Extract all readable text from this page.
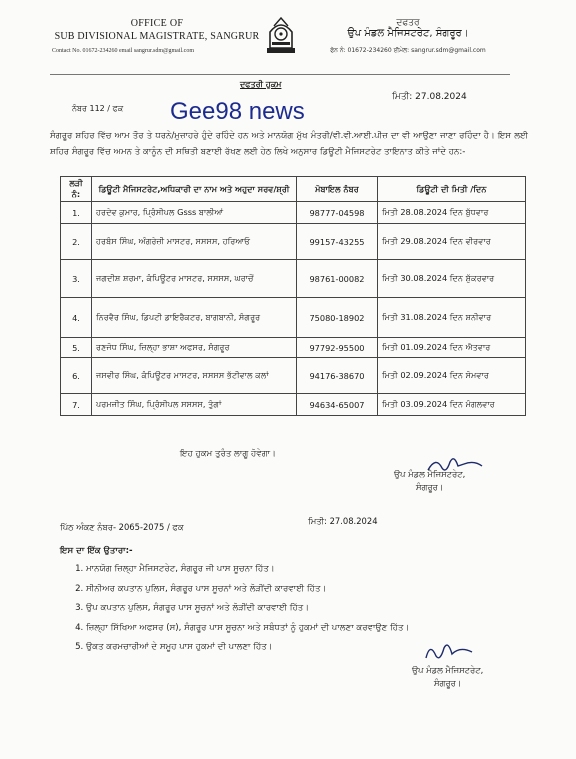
OFFICE OF
SUB DIVISIONAL MAGISTRATE, SANGRUR
Contact No. 01672-234260 email sangrur.sdm@gmail.com
ਦਫਤਰ
ਉਪ ਮੰਡਲ ਮੈਜਿਸਟਰੇਟ, ਸੰਗਰੂਰ।
ਫੋਨ ਨੰ: 01672-234260 ਈਮੇਲ: sangrur.sdm@gmail.com
ਦਫਤਰੀ ਹੁਕਮ
ਮਿਤੀ: 27.08.2024
ਨੰਬਰ 112 / ਫਕ Gee98 news
ਸੰਗਰੂਰ ਸ਼ਹਿਰ ਵਿੱਚ ਆਮ ਤੌਰ ਤੇ ਧਰਨੇ/ਮੁਜ਼ਾਹਰੇ ਹੁੰਦੇ ਰਹਿੰਦੇ ਹਨ ਅਤੇ ਮਾਨਯੋਗ ਮੁੱਖ ਮੰਤਰੀ/ਵੀ.ਵੀ.ਆਈ.ਪੀਜ਼ ਦਾ ਵੀ ਆਉਣਾ ਜਾਣਾ ਰਹਿੰਦਾ ਹੈ। ਇਸ ਲਈ ਸ਼ਹਿਰ ਸੰਗਰੂਰ ਵਿੱਚ ਅਮਨ ਤੇ ਕਾਨੂੰਨ ਦੀ ਸਥਿਤੀ ਬਣਾਈ ਰੱਖਣ ਲਈ ਹੇਠ ਲਿਖੇ ਅਨੁਸਾਰ ਡਿਊਟੀ ਮੈਜਿਸਟਰੇਟ ਤਾਇਨਾਤ ਕੀਤੇ ਜਾਂਦੇ ਹਨ:-
ਲੜੀ ਨੰ:	ਡਿਊਟੀ ਮੈਜਿਸਟਰੇਟ,ਅਧਿਕਾਰੀ ਦਾ ਨਾਮ ਅਤੇ ਅਹੁਦਾ ਸਰਵ/ਸ਼੍ਰੀ	ਮੋਬਾਇਲ ਨੰਬਰ	ਡਿਊਟੀ ਦੀ ਮਿਤੀ /ਦਿਨ
1.	ਹਰਦੇਵ ਕੁਮਾਰ, ਪ੍ਰਿੰਸੀਪਲ Gsss ਬਾਲੀਆਂ	98777-04598	ਮਿਤੀ 28.08.2024 ਦਿਨ ਬੁੱਧਵਾਰ
2.	ਹਰਬੰਸ ਸਿੰਘ, ਅੰਗਰੇਜ਼ੀ ਮਾਸਟਰ, ਸਸਸਸ, ਹਰਿਆਓ	99157-43255	ਮਿਤੀ 29.08.2024 ਦਿਨ ਵੀਰਵਾਰ
3.	ਜਗਦੀਸ਼ ਸ਼ਰਮਾ, ਕੰਪਿਊਟਰ ਮਾਸਟਰ, ਸਸਸਸ, ਘਰਾਚੋਂ	98761-00082	ਮਿਤੀ 30.08.2024 ਦਿਨ ਸ਼ੁੱਕਰਵਾਰ
4.	ਨਿਰਵੈਰ ਸਿੰਘ, ਡਿਪਟੀ ਡਾਇਰੈਕਟਰ, ਬਾਗਬਾਨੀ, ਸੰਗਰੂਰ	75080-18902	ਮਿਤੀ 31.08.2024 ਦਿਨ ਸ਼ਨੀਵਾਰ
5.	ਰਣਜੋਧ ਸਿੰਘ, ਜ਼ਿਲ੍ਹਾ ਭਾਸ਼ਾ ਅਫਸਰ, ਸੰਗਰੂਰ	97792-95500	ਮਿਤੀ 01.09.2024 ਦਿਨ ਐਤਵਾਰ
6.	ਜਸਵੀਰ ਸਿੰਘ, ਕੰਪਿਊਟਰ ਮਾਸਟਰ, ਸਸਸਸ ਭੱਟੀਵਾਲ ਕਲਾਂ	94176-38670	ਮਿਤੀ 02.09.2024 ਦਿਨ ਸੋਮਵਾਰ
7.	ਪਰਮਜੀਤ ਸਿੰਘ, ਪ੍ਰਿੰਸੀਪਲ ਸਸਸਸ, ਤੁੰਗਾਂ	94634-65007	ਮਿਤੀ 03.09.2024 ਦਿਨ ਮੰਗਲਵਾਰ
ਇਹ ਹੁਕਮ ਤੁਰੰਤ ਲਾਗੂ ਹੋਵੇਗਾ।
ਉਪ ਮੰਡਲ ਮੈਜਿਸਟਰੇਟ,
ਸੰਗਰੂਰ।
ਪਿੱਠ ਅੰਕਣ ਨੰਬਰ- 2065-2075 / ਫਕ
ਮਿਤੀ: 27.08.2024
ਇਸ ਦਾ ਇੱਕ ਉਤਾਰਾ:-
1. ਮਾਨਯੋਗ ਜ਼ਿਲ੍ਹਾ ਮੈਜਿਸਟਰੇਟ, ਸੰਗਰੂਰ ਜੀ ਪਾਸ ਸੂਚਨਾ ਹਿੱਤ।
2. ਸੀਨੀਅਰ ਕਪਤਾਨ ਪੁਲਿਸ, ਸੰਗਰੂਰ ਪਾਸ ਸੂਚਨਾਂ ਅਤੇ ਲੋੜੀਂਦੀ ਕਾਰਵਾਈ ਹਿੱਤ।
3. ਉਪ ਕਪਤਾਨ ਪੁਲਿਸ, ਸੰਗਰੂਰ ਪਾਸ ਸੂਚਨਾਂ ਅਤੇ ਲੋੜੀਂਦੀ ਕਾਰਵਾਈ ਹਿੱਤ।
4. ਜ਼ਿਲ੍ਹਾ ਸਿੱਖਿਆ ਅਫਸਰ (ਸ), ਸੰਗਰੂਰ ਪਾਸ ਸੂਚਨਾ ਅਤੇ ਸਬੰਧਤਾਂ ਨੂੰ ਹੁਕਮਾਂ ਦੀ ਪਾਲਣਾ ਕਰਵਾਉਣ ਹਿੱਤ।
5. ਉਕਤ ਕਰਮਚਾਰੀਆਂ ਦੇ ਸਮੂਹ ਪਾਸ ਹੁਕਮਾਂ ਦੀ ਪਾਲਣਾ ਹਿੱਤ।
ਉਪ ਮੰਡਲ ਮੈਜਿਸਟਰੇਟ,
ਸੰਗਰੂਰ।
